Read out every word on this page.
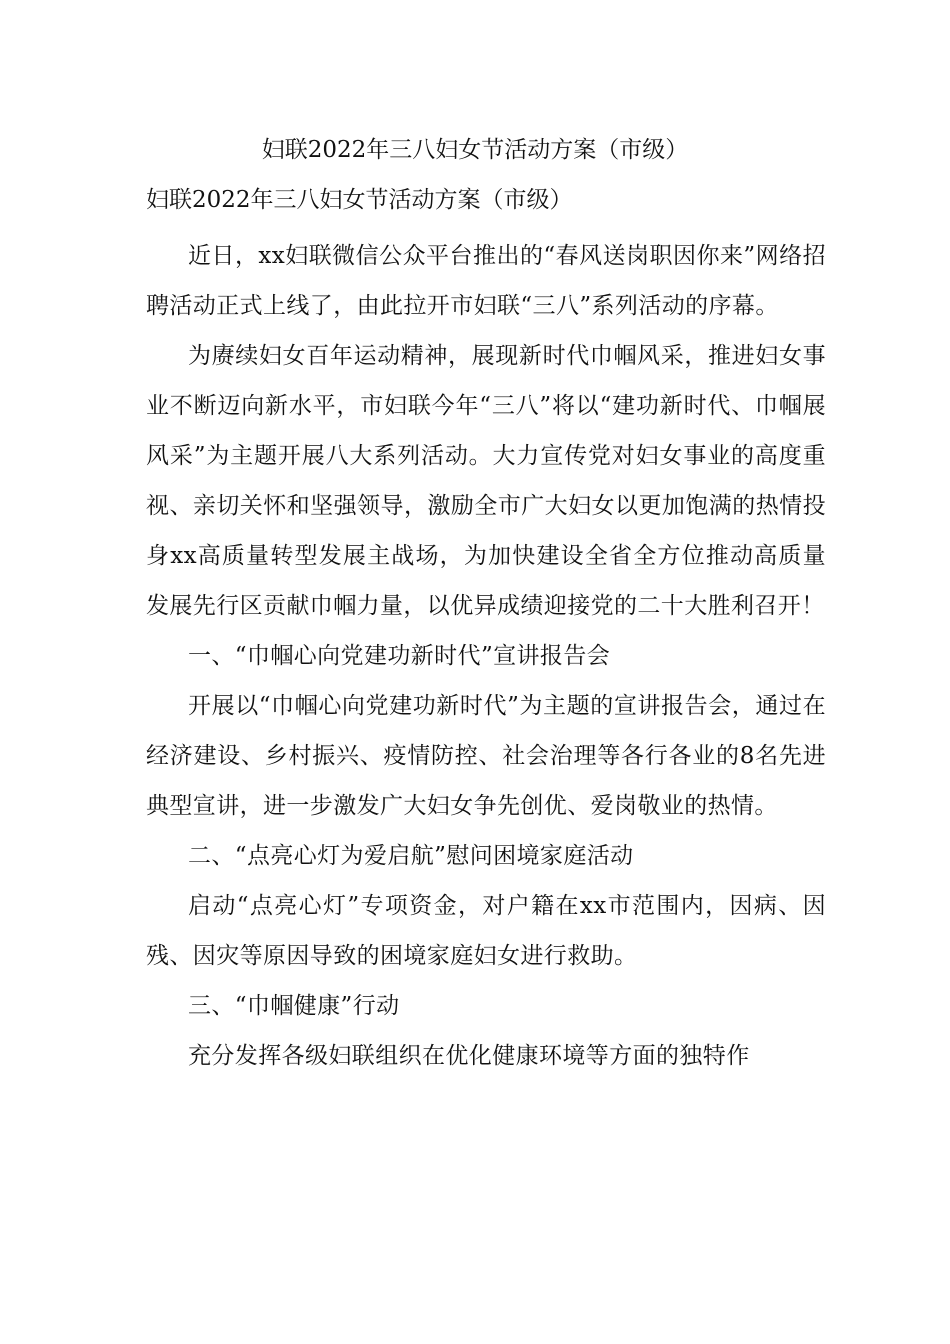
妇联2022年三八妇女节活动方案（市级）
妇联2022年三八妇女节活动方案（市级）

近日，xx妇联微信公众平台推出的“春风送岗职因你来”网络招聘活动正式上线了，由此拉开市妇联“三八”系列活动的序幕。

为赓续妇女百年运动精神，展现新时代巾帼风采，推进妇女事业不断迈向新水平，市妇联今年“三八”将以“建功新时代、巾帼展风采”为主题开展八大系列活动。大力宣传党对妇女事业的高度重视、亲切关怀和坚强领导，激励全市广大妇女以更加饱满的热情投身xx高质量转型发展主战场，为加快建设全省全方位推动高质量发展先行区贡献巾帼力量，以优异成绩迎接党的二十大胜利召开！

一、“巾帼心向党建功新时代”宣讲报告会

开展以“巾帼心向党建功新时代”为主题的宣讲报告会，通过在经济建设、乡村振兴、疫情防控、社会治理等各行各业的8名先进典型宣讲，进一步激发广大妇女争先创优、爱岗敬业的热情。

二、“点亮心灯为爱启航”慰问困境家庭活动

启动“点亮心灯”专项资金，对户籍在xx市范围内，因病、因残、因灾等原因导致的困境家庭妇女进行救助。

三、“巾帼健康”行动

充分发挥各级妇联组织在优化健康环境等方面的独特作
